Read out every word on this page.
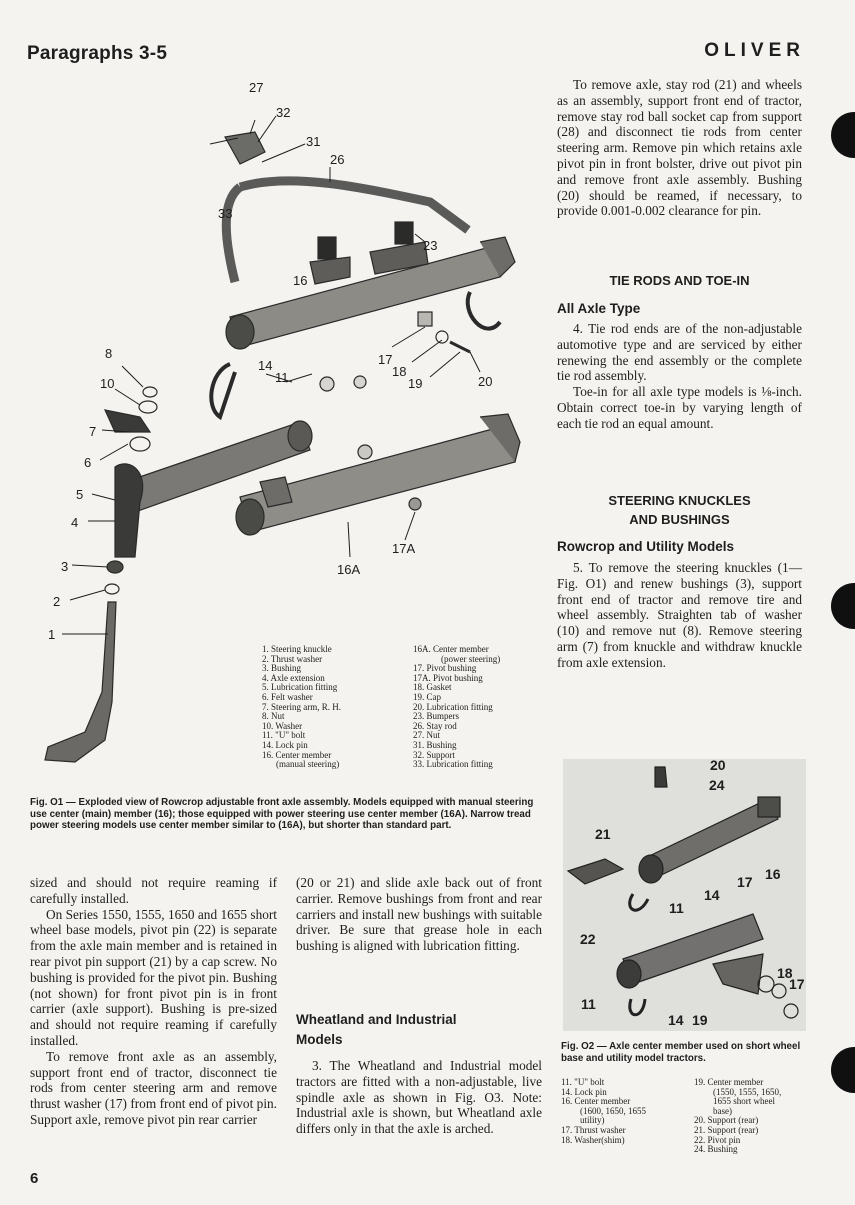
Paragraphs 3-5	OLIVER
27
32
31
26
33
23
16
8
10
14
11
17
18
19	20
7
6
5
4
3
2
1
16A
17A
1. Steering knuckle
2. Thrust washer
3. Bushing
4. Axle extension
5. Lubrication fitting
6. Felt washer
7. Steering arm, R. H.
8. Nut
10. Washer
11. "U" bolt
14. Lock pin
16. Center member
(manual steering)
16A. Center member
(power steering)
17. Pivot bushing
17A. Pivot bushing
18. Gasket
19. Cap
20. Lubrication fitting
23. Bumpers
26. Stay rod
27. Nut
31. Bushing
32. Support
33. Lubrication fitting
Fig. O1 — Exploded view of Rowcrop adjustable front axle assembly. Models equipped with manual steering use center (main) member (16); those equipped with power steering use center member (16A). Narrow tread power steering models use center member similar to (16A), but shorter than standard part.

To remove axle, stay rod (21) and wheels as an assembly, support front end of tractor, remove stay rod ball socket cap from support (28) and disconnect tie rods from center steering arm. Remove pin which retains axle pivot pin in front bolster, drive out pivot pin and remove front axle assembly. Bushing (20) should be reamed, if necessary, to provide 0.001-0.002 clearance for pin.

TIE RODS AND TOE-IN
All Axle Type

4. Tie rod ends are of the non-adjustable automotive type and are serviced by either renewing the end assembly or the complete tie rod assembly.

Toe-in for all axle type models is ⅛-inch. Obtain correct toe-in by varying length of each tie rod an equal amount.

STEERING KNUCKLES
AND BUSHINGS
Rowcrop and Utility Models

5. To remove the steering knuckles (1—Fig. O1) and renew bushings (3), support front end of tractor and remove tire and wheel assembly. Straighten tab of washer (10) and remove nut (8). Remove steering arm (7) from knuckle and withdraw knuckle from axle extension.

sized and should not require reaming if carefully installed.

On Series 1550, 1555, 1650 and 1655 short wheel base models, pivot pin (22) is separate from the axle main member and is retained in rear pivot pin support (21) by a cap screw. No bushing is provided for the pivot pin. Bushing (not shown) for front pivot pin is in front carrier (axle support). Bushing is pre-sized and should not require reaming if carefully installed.

To remove front axle as an assembly, support front end of tractor, disconnect tie rods from center steering arm and remove thrust washer (17) from front end of pivot pin. Support axle, remove pivot pin rear carrier

(20 or 21) and slide axle back out of front carrier. Remove bushings from front and rear carriers and install new bushings with suitable driver. Be sure that grease hole in each bushing is aligned with lubrication fitting.

Wheatland and Industrial
Models

3. The Wheatland and Industrial model tractors are fitted with a non-adjustable, live spindle axle as shown in Fig. O3. Note: Industrial axle is shown, but Wheatland axle differs only in that the axle is arched.

20
24
21
16
17
14
11
22
18
17
11
14 19
Fig. O2 — Axle center member used on short wheel base and utility model tractors.
11. "U" bolt
14. Lock pin
16. Center member
(1600, 1650, 1655
utility)
17. Thrust washer
18. Washer(shim)
19. Center member
(1550, 1555, 1650,
1655 short wheel
base)
20. Support (rear)
21. Support (rear)
22. Pivot pin
24. Bushing
6
